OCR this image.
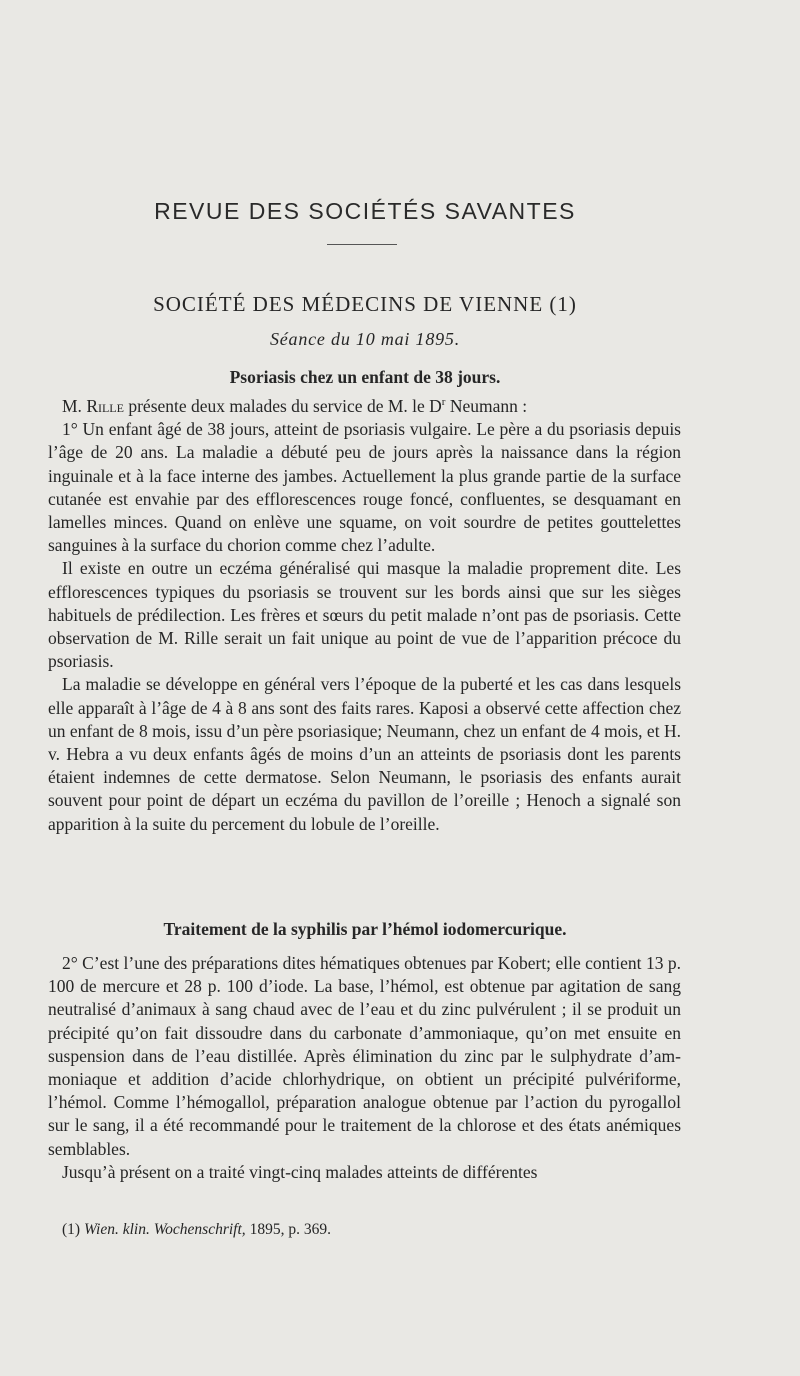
REVUE DES SOCIÉTÉS SAVANTES
SOCIÉTÉ DES MÉDECINS DE VIENNE (1)
Séance du 10 mai 1895.
Psoriasis chez un enfant de 38 jours.

M. Rille présente deux malades du service de M. le $D^r$ Neumann :

1° Un enfant âgé de 38 jours, atteint de psoriasis vulgaire. Le père a du psoriasis depuis l’âge de 20 ans. La maladie a débuté peu de jours après la naissance dans la région inguinale et à la face interne des jambes. Actuellement la plus grande partie de la surface cutanée est envahie par des efflorescences rouge foncé, confluentes, se desquamant en lamelles minces. Quand on enlève une squame, on voit sourdre de petites gouttelettes sanguines à la surface du chorion comme chez l’adulte.

Il existe en outre un eczéma généralisé qui masque la maladie proprement dite. Les efflorescences typiques du psoriasis se trouvent sur les bords ainsi que sur les sièges habituels de prédilection. Les frères et sœurs du petit malade n’ont pas de psoriasis. Cette observation de M. Rille serait un fait unique au point de vue de l’apparition précoce du psoriasis.

La maladie se développe en général vers l’époque de la puberté et les cas dans lesquels elle apparaît à l’âge de 4 à 8 ans sont des faits rares. Kaposi a observé cette affection chez un enfant de 8 mois, issu d’un père psoriasique; Neumann, chez un enfant de 4 mois, et H. v. Hebra a vu deux enfants âgés de moins d’un an atteints de psoriasis dont les parents étaient indemnes de cette dermatose. Selon Neumann, le psoriasis des enfants aurait souvent pour point de départ un eczéma du pavillon de l’oreille ; Henoch a signalé son apparition à la suite du percement du lobule de l’oreille.

Traitement de la syphilis par l’hémol iodomercurique.

2° C’est l’une des préparations dites hématiques obtenues par Kobert; elle contient 13 p. 100 de mercure et 28 p. 100 d’iode. La base, l’hémol, est obtenue par agitation de sang neutralisé d’animaux à sang chaud avec de l’eau et du zinc pulvérulent ; il se produit un précipité qu’on fait dissoudre dans du carbonate d’ammoniaque, qu’on met ensuite en suspension dans de l’eau distillée. Après élimination du zinc par le sulphydrate d’ammoniaque et addition d’acide chlorhydrique, on obtient un précipité pulvériforme, l’hémol. Comme l’hémogallol, préparation analogue obtenue par l’action du pyrogallol sur le sang, il a été recommandé pour le traitement de la chlorose et des états anémiques semblables.

Jusqu’à présent on a traité vingt-cinq malades atteints de différentes

(1) Wien. klin. Wochenschrift, 1895, p. 369.
